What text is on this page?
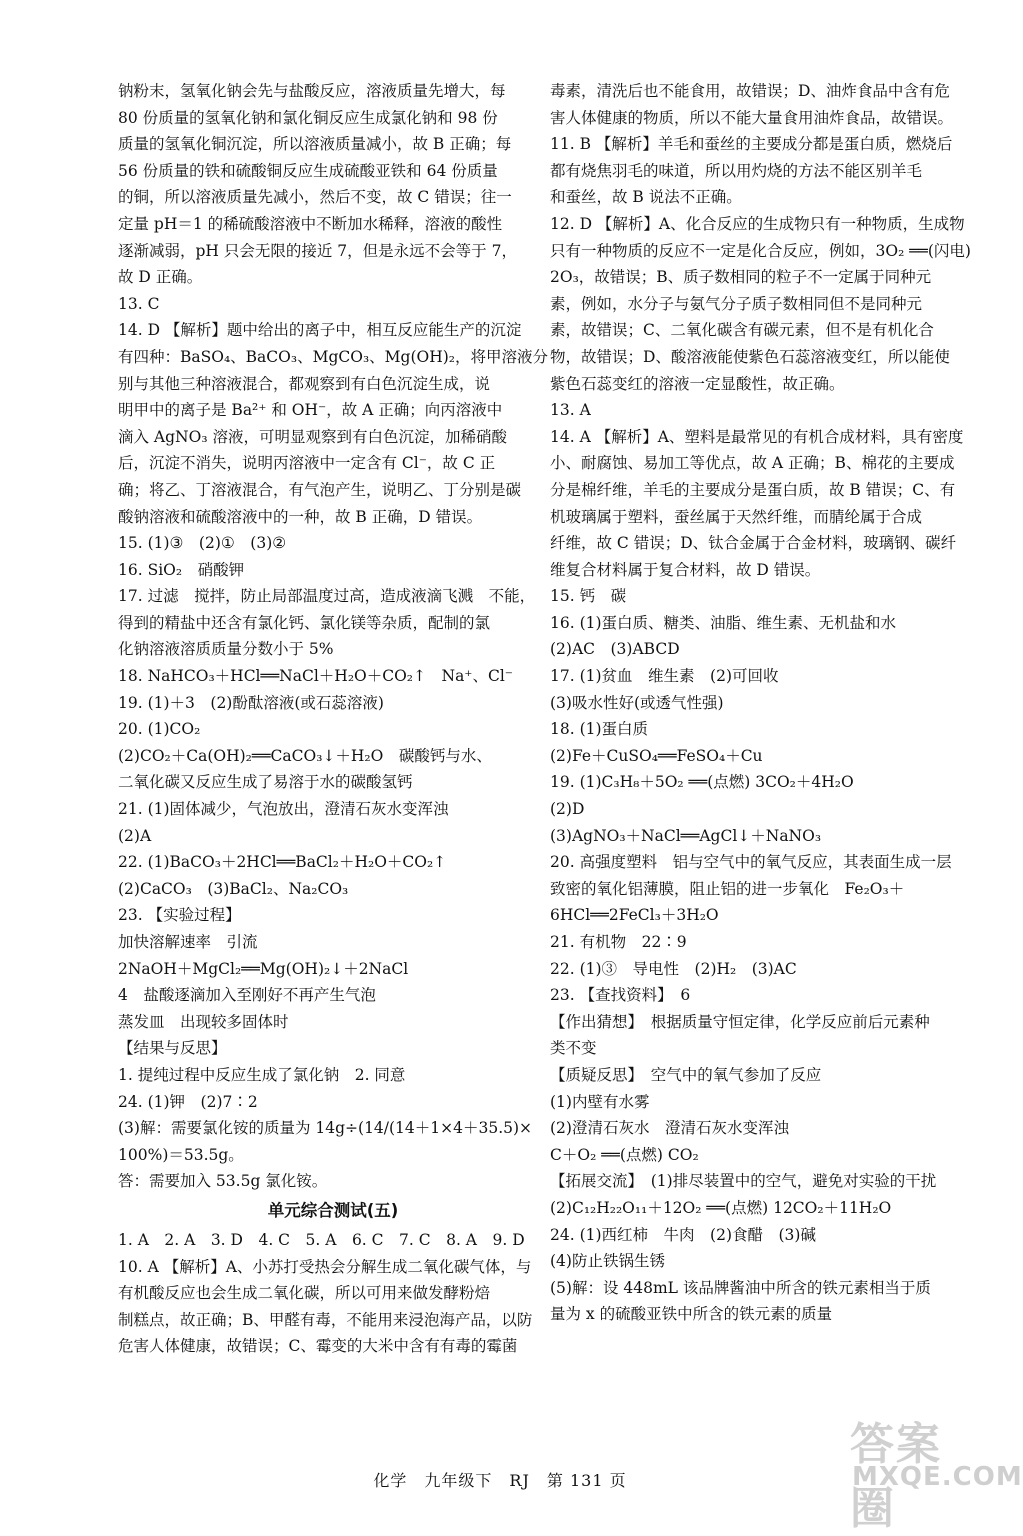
钠粉末，氢氧化钠会先与盐酸反应，溶液质量先增大，每
80 份质量的氢氧化钠和氯化铜反应生成氯化钠和 98 份
质量的氢氧化铜沉淀，所以溶液质量减小，故 B 正确；每
56 份质量的铁和硫酸铜反应生成硫酸亚铁和 64 份质量
的铜，所以溶液质量先减小，然后不变，故 C 错误；往一
定量 pH＝1 的稀硫酸溶液中不断加水稀释，溶液的酸性
逐渐减弱，pH 只会无限的接近 7，但是永远不会等于 7，
故 D 正确。
13. C
14. D 【解析】题中给出的离子中，相互反应能生产的沉淀
有四种：BaSO₄、BaCO₃、MgCO₃、Mg(OH)₂，将甲溶液分
别与其他三种溶液混合，都观察到有白色沉淀生成，说
明甲中的离子是 Ba²⁺ 和 OH⁻，故 A 正确；向丙溶液中
滴入 AgNO₃ 溶液，可明显观察到有白色沉淀，加稀硝酸
后，沉淀不消失，说明丙溶液中一定含有 Cl⁻，故 C 正
确；将乙、丁溶液混合，有气泡产生，说明乙、丁分别是碳
酸钠溶液和硫酸溶液中的一种，故 B 正确，D 错误。
15. (1)③　(2)①　(3)②
16. SiO₂　硝酸钾
17. 过滤　搅拌，防止局部温度过高，造成液滴飞溅　不能，
得到的精盐中还含有氯化钙、氯化镁等杂质，配制的氯
化钠溶液溶质质量分数小于 5%
18. NaHCO₃＋HCl══NaCl＋H₂O＋CO₂↑　Na⁺、Cl⁻
19. (1)＋3　(2)酚酞溶液(或石蕊溶液)
20. (1)CO₂
(2)CO₂＋Ca(OH)₂══CaCO₃↓＋H₂O　碳酸钙与水、
二氧化碳又反应生成了易溶于水的碳酸氢钙
21. (1)固体减少，气泡放出，澄清石灰水变浑浊
(2)A
22. (1)BaCO₃＋2HCl══BaCl₂＋H₂O＋CO₂↑
(2)CaCO₃　(3)BaCl₂、Na₂CO₃
23. 【实验过程】
加快溶解速率　引流
2NaOH＋MgCl₂══Mg(OH)₂↓＋2NaCl
4　盐酸逐滴加入至刚好不再产生气泡
蒸发皿　出现较多固体时
【结果与反思】
1. 提纯过程中反应生成了氯化钠　2. 同意
24. (1)钾　(2)7∶2
(3)解：需要氯化铵的质量为 14g÷(14/(14＋1×4＋35.5)×
100%)＝53.5g。
答：需要加入 53.5g 氯化铵。
单元综合测试(五)
1. A　2. A　3. D　4. C　5. A　6. C　7. C　8. A　9. D
10. A 【解析】A、小苏打受热会分解生成二氧化碳气体，与
有机酸反应也会生成二氧化碳，所以可用来做发酵粉焙
制糕点，故正确；B、甲醛有毒，不能用来浸泡海产品，以防
危害人体健康，故错误；C、霉变的大米中含有有毒的霉菌
毒素，清洗后也不能食用，故错误；D、油炸食品中含有危
害人体健康的物质，所以不能大量食用油炸食品，故错误。
11. B 【解析】羊毛和蚕丝的主要成分都是蛋白质，燃烧后
都有烧焦羽毛的味道，所以用灼烧的方法不能区别羊毛
和蚕丝，故 B 说法不正确。
12. D 【解析】A、化合反应的生成物只有一种物质，生成物
只有一种物质的反应不一定是化合反应，例如，3O₂ ══(闪电)
2O₃，故错误；B、质子数相同的粒子不一定属于同种元
素，例如，水分子与氨气分子质子数相同但不是同种元
素，故错误；C、二氧化碳含有碳元素，但不是有机化合
物，故错误；D、酸溶液能使紫色石蕊溶液变红，所以能使
紫色石蕊变红的溶液一定显酸性，故正确。
13. A
14. A 【解析】A、塑料是最常见的有机合成材料，具有密度
小、耐腐蚀、易加工等优点，故 A 正确；B、棉花的主要成
分是棉纤维，羊毛的主要成分是蛋白质，故 B 错误；C、有
机玻璃属于塑料，蚕丝属于天然纤维，而腈纶属于合成
纤维，故 C 错误；D、钛合金属于合金材料，玻璃钢、碳纤
维复合材料属于复合材料，故 D 错误。
15. 钙　碳
16. (1)蛋白质、糖类、油脂、维生素、无机盐和水
(2)AC　(3)ABCD
17. (1)贫血　维生素　(2)可回收
(3)吸水性好(或透气性强)
18. (1)蛋白质
(2)Fe＋CuSO₄══FeSO₄＋Cu
19. (1)C₃H₈＋5O₂ ══(点燃) 3CO₂＋4H₂O
(2)D
(3)AgNO₃＋NaCl══AgCl↓＋NaNO₃
20. 高强度塑料　铝与空气中的氧气反应，其表面生成一层
致密的氧化铝薄膜，阻止铝的进一步氧化　Fe₂O₃＋
6HCl══2FeCl₃＋3H₂O
21. 有机物　22∶9
22. (1)③　导电性　(2)H₂　(3)AC
23. 【查找资料】　6
【作出猜想】　根据质量守恒定律，化学反应前后元素种
类不变
【质疑反思】　空气中的氧气参加了反应
(1)内壁有水雾
(2)澄清石灰水　澄清石灰水变浑浊
C＋O₂ ══(点燃) CO₂
【拓展交流】　(1)排尽装置中的空气，避免对实验的干扰
(2)C₁₂H₂₂O₁₁＋12O₂ ══(点燃) 12CO₂＋11H₂O
24. (1)西红柿　牛肉　(2)食醋　(3)碱
(4)防止铁锅生锈
(5)解：设 448mL 该品牌酱油中所含的铁元素相当于质
量为 x 的硫酸亚铁中所含的铁元素的质量
化学　九年级下　RJ　第 131 页
答案圈
MXQE.COM
